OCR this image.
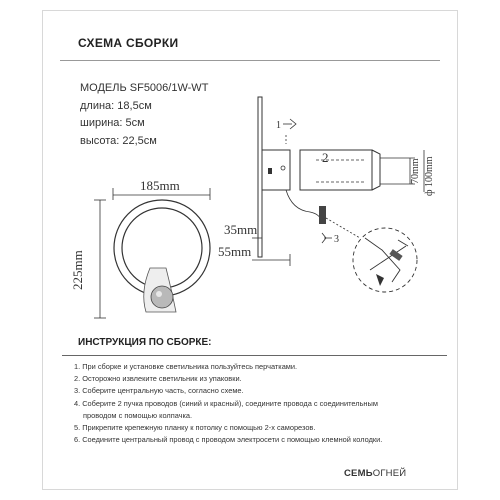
СХЕМА СБОРКИ
МОДЕЛЬ SF5006/1W-WT
длина: 18,5см
ширина: 5см
высота: 22,5см
185mm
225mm
1
35mm
55mm
3
2
70mm ф 100mm
ИНСТРУКЦИЯ ПО СБОРКЕ:
1. При сборке и установке светильника пользуйтесь перчатками.
2. Осторожно извлеките светильник из упаковки.
3. Соберите центральную часть, согласно схеме.
4. Соберите 2 пучка проводов (синий и красный), соедините провода с соединительным
проводом с помощью колпачка.
5. Прикрепите крепежную планку к потолку с помощью 2-х саморезов.
6. Соедините центральный провод с проводом электросети с помощью клемной колодки.
СЕМЬОГНЕЙ
